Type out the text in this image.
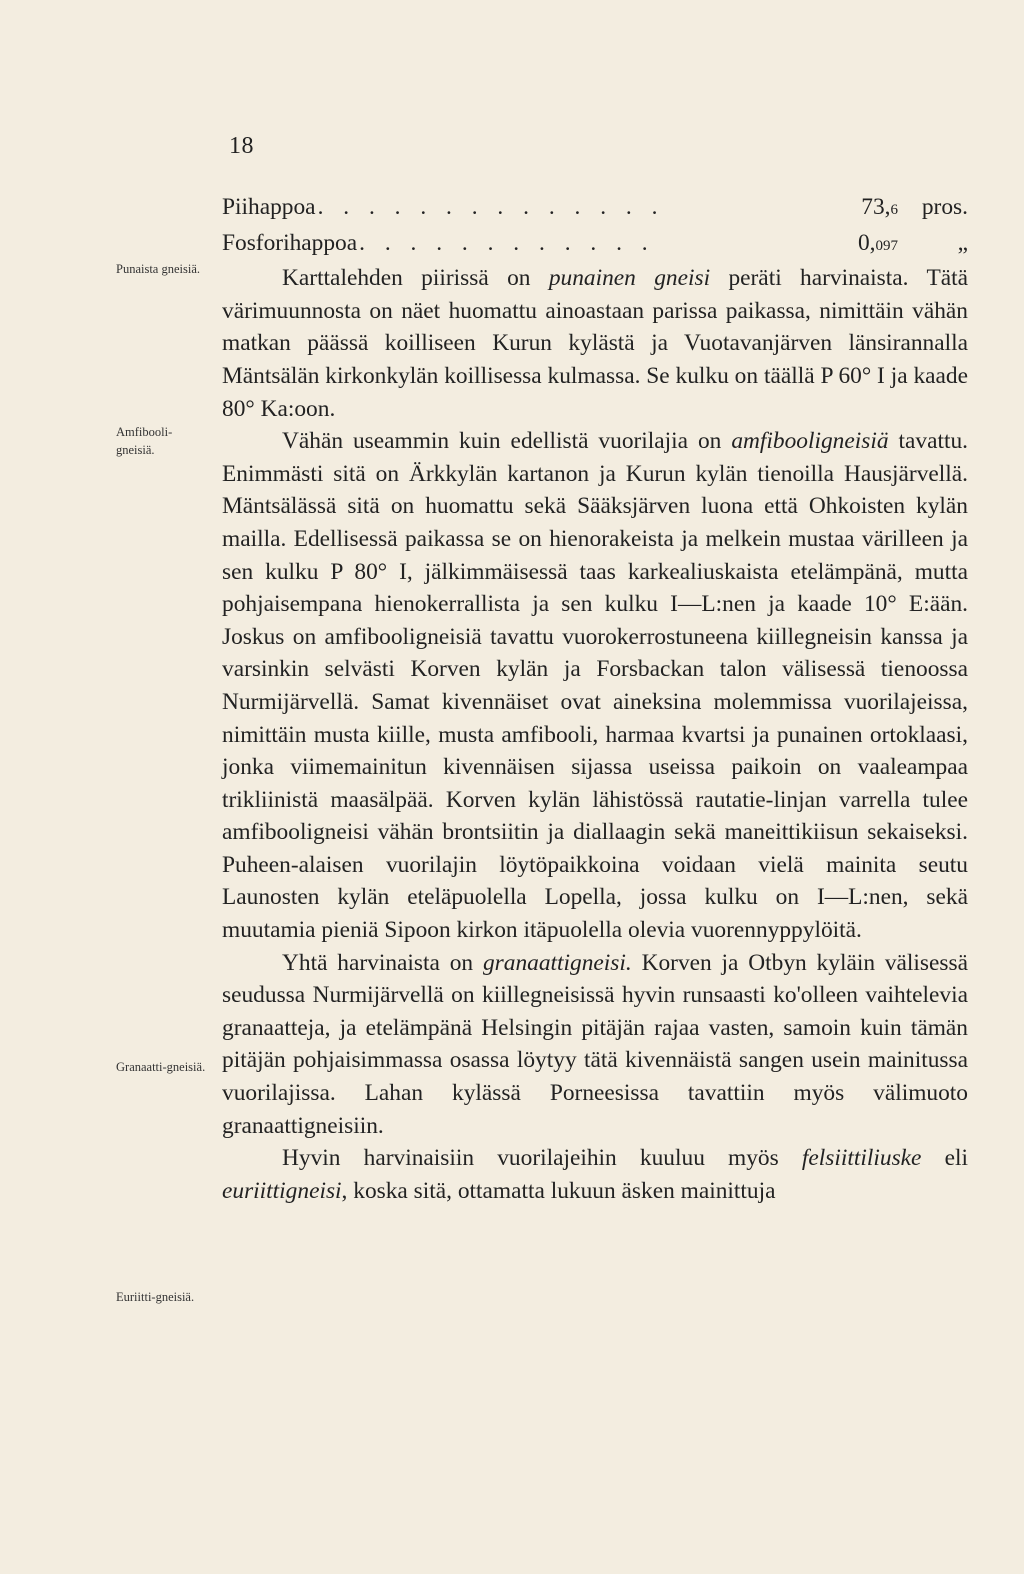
18
Punaista gneisiä.
Amfibooli-gneisiä.
Granaatti-gneisiä.
Euriitti-gneisiä.
Piihappoa . . . . . . . . . . . . . .	73,6	pros.
Fosforihappoa . . . . . . . . . . . .	0,097	„

Karttalehden piirissä on punainen gneisi peräti harvinaista. Tätä värimuunnosta on näet huomattu ainoastaan parissa paikassa, nimittäin vähän matkan päässä koilliseen Kurun kylästä ja Vuotavanjärven länsirannalla Mäntsälän kirkonkylän koillisessa kulmassa. Se kulku on täällä P 60° I ja kaade 80° Ka:oon.

Vähän useammin kuin edellistä vuorilajia on amfibooligneisiä tavattu. Enimmästi sitä on Ärkkylän kartanon ja Kurun kylän tienoilla Hausjärvellä. Mäntsälässä sitä on huomattu sekä Sääksjärven luona että Ohkoisten kylän mailla. Edellisessä paikassa se on hienorakeista ja melkein mustaa värilleen ja sen kulku P 80° I, jälkimmäisessä taas karkealiuskaista etelämpänä, mutta pohjaisempana hienokerrallista ja sen kulku I—L:nen ja kaade 10° E:ään. Joskus on amfibooligneisiä tavattu vuorokerrostuneena kiillegneisin kanssa ja varsinkin selvästi Korven kylän ja Forsbackan talon välisessä tienoossa Nurmijärvellä. Samat kivennäiset ovat aineksina molemmissa vuorilajeissa, nimittäin musta kiille, musta amfibooli, harmaa kvartsi ja punainen ortoklaasi, jonka viimemainitun kivennäisen sijassa useissa paikoin on vaaleampaa trikliinistä maasälpää. Korven kylän lähistössä rautatie-linjan varrella tulee amfibooligneisi vähän brontsiitin ja diallaagin sekä maneittikiisun sekaiseksi. Puheen-alaisen vuorilajin löytöpaikkoina voidaan vielä mainita seutu Launosten kylän eteläpuolella Lopella, jossa kulku on I—L:nen, sekä muutamia pieniä Sipoon kirkon itäpuolella olevia vuorennyppylöitä.

Yhtä harvinaista on granaattigneisi. Korven ja Otbyn kyläin välisessä seudussa Nurmijärvellä on kiillegneisissä hyvin runsaasti ko'olleen vaihtelevia granaatteja, ja etelämpänä Helsingin pitäjän rajaa vasten, samoin kuin tämän pitäjän pohjaisimmassa osassa löytyy tätä kivennäistä sangen usein mainitussa vuorilajissa. Lahan kylässä Porneesissa tavattiin myös välimuoto granaattigneisiin.

Hyvin harvinaisiin vuorilajeihin kuuluu myös felsiittiliuske eli euriittigneisi, koska sitä, ottamatta lukuun äsken mainittuja
